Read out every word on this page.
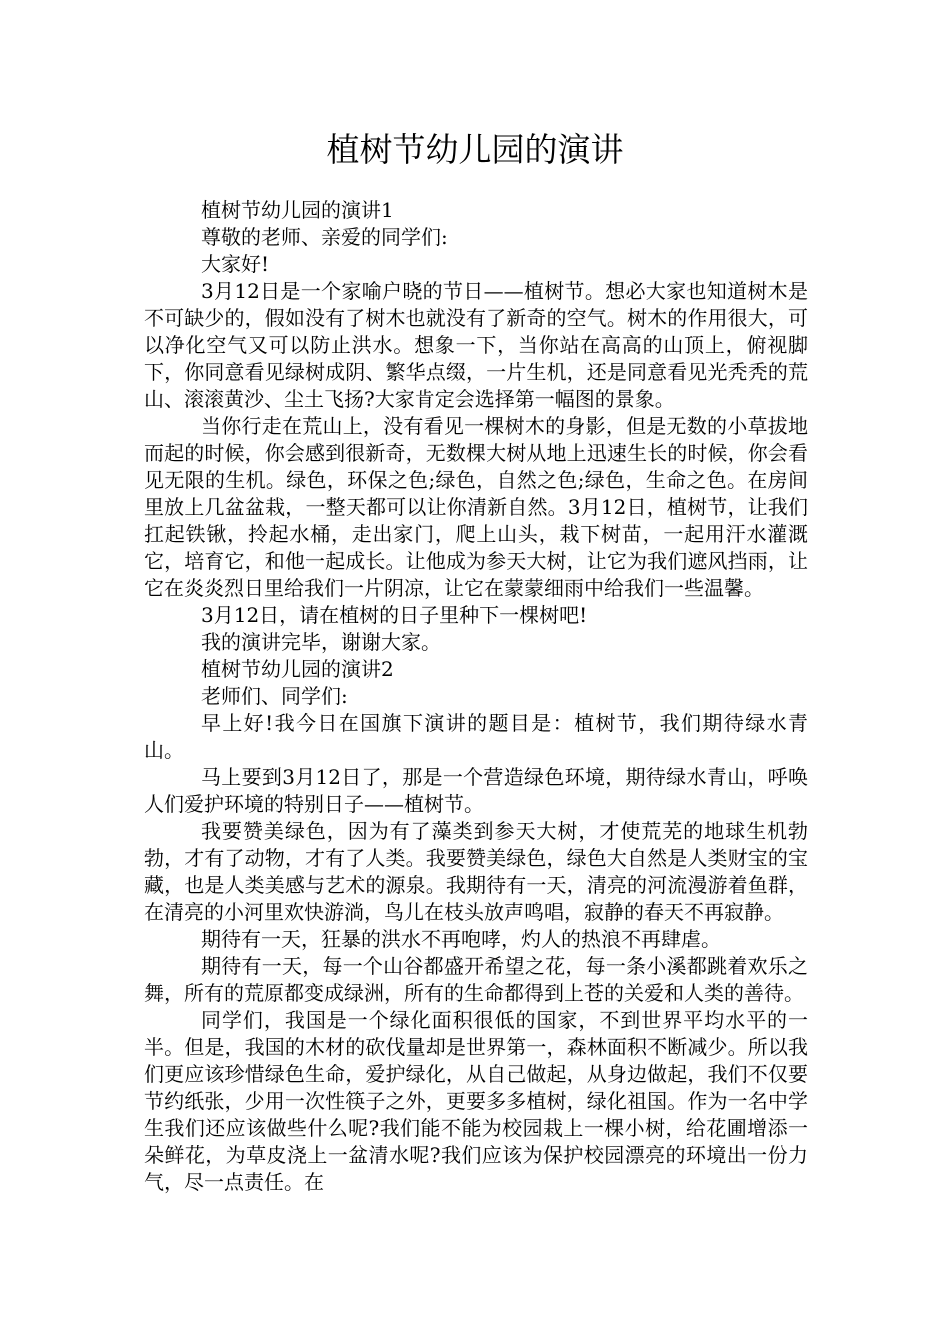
植树节幼儿园的演讲

植树节幼儿园的演讲1

尊敬的老师、亲爱的同学们:

大家好!

3月12日是一个家喻户晓的节日——植树节。想必大家也知道树木是不可缺少的，假如没有了树木也就没有了新奇的空气。树木的作用很大，可以净化空气又可以防止洪水。想象一下，当你站在高高的山顶上，俯视脚下，你同意看见绿树成阴、繁华点缀，一片生机，还是同意看见光秃秃的荒山、滚滚黄沙、尘土飞扬?大家肯定会选择第一幅图的景象。

当你行走在荒山上，没有看见一棵树木的身影，但是无数的小草拔地而起的时候，你会感到很新奇，无数棵大树从地上迅速生长的时候，你会看见无限的生机。绿色，环保之色;绿色，自然之色;绿色，生命之色。在房间里放上几盆盆栽，一整天都可以让你清新自然。3月12日，植树节，让我们扛起铁锹，拎起水桶，走出家门，爬上山头，栽下树苗，一起用汗水灌溉它，培育它，和他一起成长。让他成为参天大树，让它为我们遮风挡雨，让它在炎炎烈日里给我们一片阴凉，让它在蒙蒙细雨中给我们一些温馨。

3月12日，请在植树的日子里种下一棵树吧!

我的演讲完毕，谢谢大家。

植树节幼儿园的演讲2

老师们、同学们:

早上好!我今日在国旗下演讲的题目是：植树节，我们期待绿水青山。

马上要到3月12日了，那是一个营造绿色环境，期待绿水青山，呼唤人们爱护环境的特别日子——植树节。

我要赞美绿色，因为有了藻类到参天大树，才使荒芜的地球生机勃勃，才有了动物，才有了人类。我要赞美绿色，绿色大自然是人类财宝的宝藏，也是人类美感与艺术的源泉。我期待有一天，清亮的河流漫游着鱼群，在清亮的小河里欢快游淌，鸟儿在枝头放声鸣唱，寂静的春天不再寂静。

期待有一天，狂暴的洪水不再咆哮，灼人的热浪不再肆虐。

期待有一天，每一个山谷都盛开希望之花，每一条小溪都跳着欢乐之舞，所有的荒原都变成绿洲，所有的生命都得到上苍的关爱和人类的善待。

同学们，我国是一个绿化面积很低的国家，不到世界平均水平的一半。但是，我国的木材的砍伐量却是世界第一，森林面积不断减少。所以我们更应该珍惜绿色生命，爱护绿化，从自己做起，从身边做起，我们不仅要节约纸张，少用一次性筷子之外，更要多多植树，绿化祖国。作为一名中学生我们还应该做些什么呢?我们能不能为校园栽上一棵小树，给花圃增添一朵鲜花，为草皮浇上一盆清水呢?我们应该为保护校园漂亮的环境出一份力气，尽一点责任。在
